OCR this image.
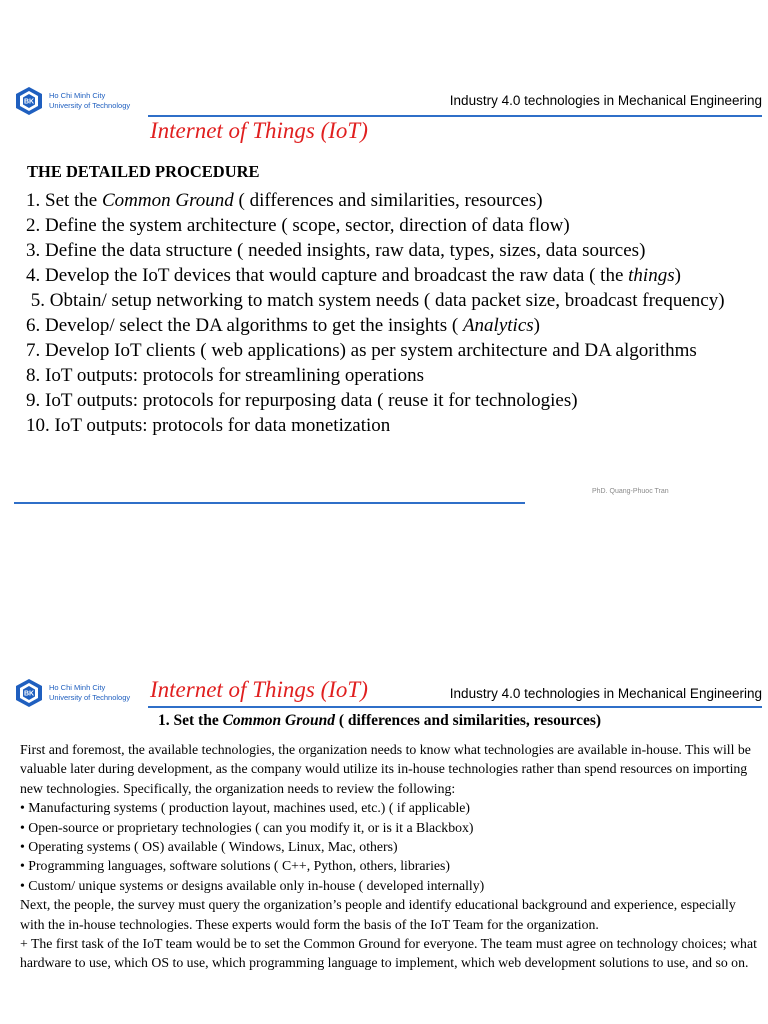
BK
Ho Chi Minh City
University of Technology	Industry 4.0 technologies in Mechanical Engineering
Internet of Things (IoT)
THE DETAILED PROCEDURE
1. Set the Common Ground ( differences and similarities, resources)
2. Define the system architecture ( scope, sector, direction of data flow)
3. Define the data structure ( needed insights, raw data, types, sizes, data sources)
4. Develop the IoT devices that would capture and broadcast the raw data ( the things)
5. Obtain/ setup networking to match system needs ( data packet size, broadcast frequency)
6. Develop/ select the DA algorithms to get the insights ( Analytics)
7. Develop IoT clients ( web applications) as per system architecture and DA algorithms
8. IoT outputs: protocols for streamlining operations
9. IoT outputs: protocols for repurposing data ( reuse it for technologies)
10. IoT outputs: protocols for data monetization
PhD. Quang-Phuoc Tran
BK
Ho Chi Minh City
University of Technology Internet of Things (IoT)	Industry 4.0 technologies in Mechanical Engineering
1. Set the Common Ground ( differences and similarities, resources)

First and foremost, the available technologies, the organization needs to know what technologies are available in-house. This will be valuable later during development, as the company would utilize its in-house technologies rather than spend resources on importing new technologies. Specifically, the organization needs to review the following:

• Manufacturing systems ( production layout, machines used, etc.) ( if applicable)

• Open-source or proprietary technologies ( can you modify it, or is it a Blackbox)

• Operating systems ( OS) available ( Windows, Linux, Mac, others)

• Programming languages, software solutions ( C++, Python, others, libraries)

• Custom/ unique systems or designs available only in-house ( developed internally)

Next, the people, the survey must query the organization’s people and identify educational background and experience, especially with the in-house technologies. These experts would form the basis of the IoT Team for the organization.

+ The first task of the IoT team would be to set the Common Ground for everyone. The team must agree on technology choices; what hardware to use, which OS to use, which programming language to implement, which web development solutions to use, and so on.
